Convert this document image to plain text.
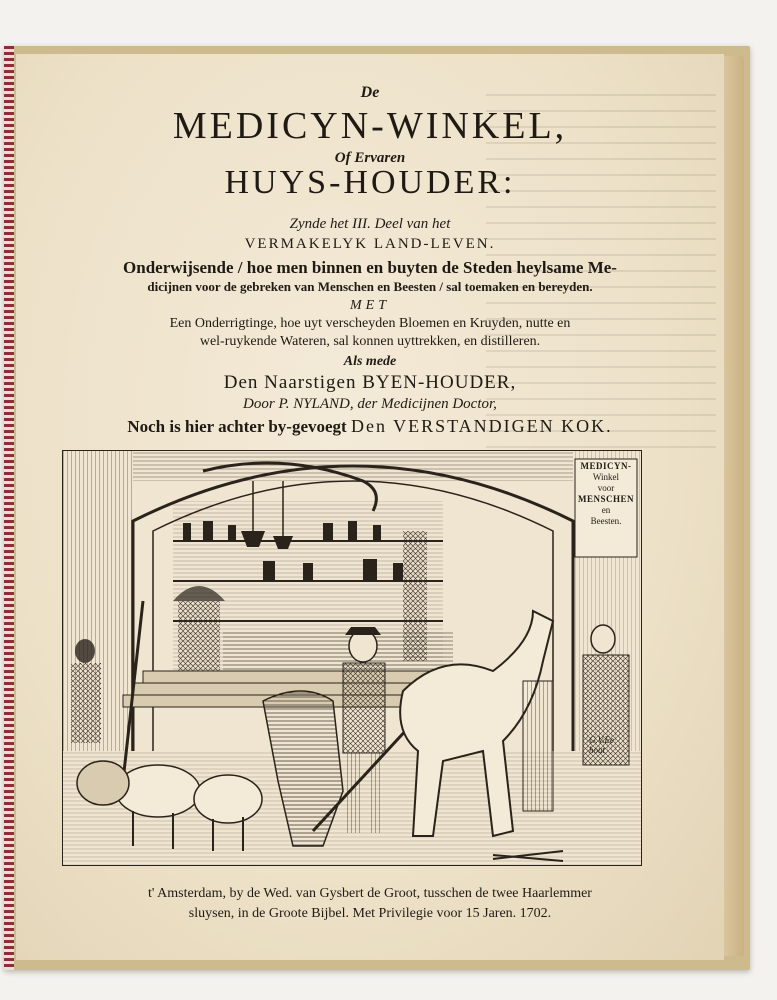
De
MEDICYN-WINKEL,
Of Ervaren
HUYS-HOUDER:
Zynde het III. Deel van het
VERMAKELYK LAND-LEVEN.
Onderwijsende / hoe men binnen en buyten de Steden heylsame Me-
dicijnen voor de gebreken van Menschen en Beesten / sal toemaken en bereyden.
MET
Een Onderrigtinge, hoe uyt verscheyden Bloemen en Kruyden, nutte en
wel-ruykende Wateren, sal konnen uyttrekken, en distilleren.
Als mede
Den Naarstigen BYEN-HOUDER,
Door P. NYLAND, der Medicijnen Doctor,
Noch is hier achter by-gevoegt Den VERSTANDIGEN KOK.
MEDICYN-
Winkel
voor
MENSCHEN
en
Beesten.
G.V.Ee
hout
t' Amsterdam, by de Wed. van Gysbert de Groot, tusschen de twee Haarlemmer
sluysen, in de Groote Bijbel. Met Privilegie voor 15 Jaren. 1702.
